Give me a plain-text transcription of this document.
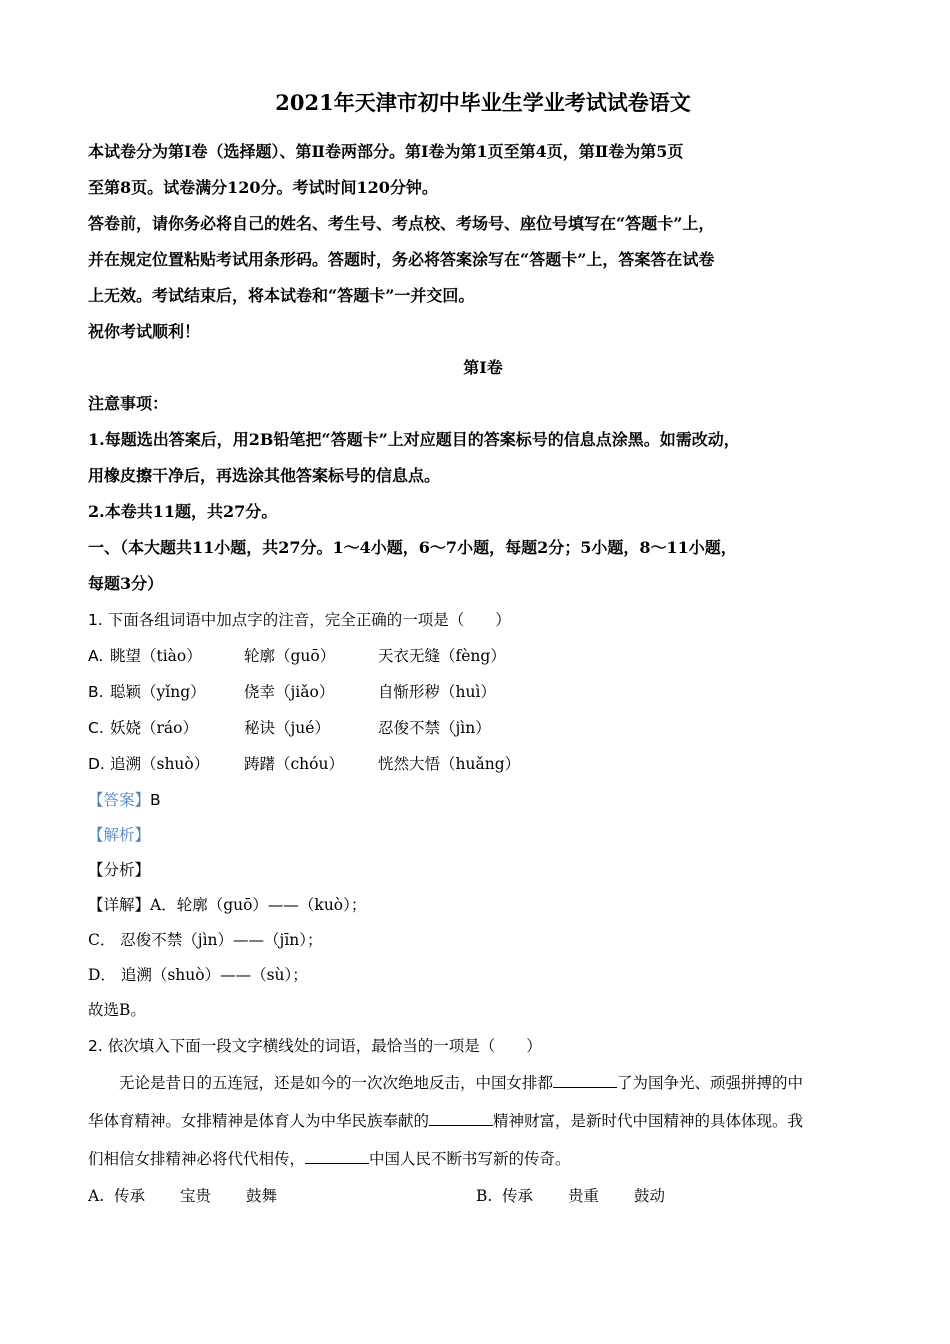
2021年天津市初中毕业生学业考试试卷语文

本试卷分为第Ⅰ卷（选择题）、第Ⅱ卷两部分。第Ⅰ卷为第1页至第4页，第Ⅱ卷为第5页

至第8页。试卷满分120分。考试时间120分钟。

答卷前，请你务必将自己的姓名、考生号、考点校、考场号、座位号填写在“答题卡”上，

并在规定位置粘贴考试用条形码。答题时，务必将答案涂写在“答题卡”上，答案答在试卷

上无效。考试结束后，将本试卷和“答题卡”一并交回。

祝你考试顺利！

第Ⅰ卷

注意事项：

1.每题选出答案后，用2B铅笔把“答题卡”上对应题目的答案标号的信息点涂黑。如需改动，

用橡皮擦干净后，再选涂其他答案标号的信息点。

2.本卷共11题，共27分。

一、（本大题共11小题，共27分。1～4小题，6～7小题，每题2分；5小题，8～11小题，

每题3分）

1. 下面各组词语中加点字的注音，完全正确的一项是（　　）

A. 眺望（tiào）	轮廓（guō）	天衣无缝（fèng）
B. 聪颖（yǐng）	侥幸（jiǎo）	自惭形秽（huì）
C. 妖娆（ráo）	秘诀（jué）	忍俊不禁（jìn）
D. 追溯（shuò）	踌躇（chóu）	恍然大悟（huǎng）

【答案】B

【解析】

【分析】

【详解】A．轮廓（guō）——（kuò）；

C． 忍俊不禁（jìn）——（jīn）；

D． 追溯（shuò）——（sù）；

故选B。

2. 依次填入下面一段文字横线处的词语，最恰当的一项是（　　）

无论是昔日的五连冠，还是如今的一次次绝地反击，中国女排都	了为国争光、顽强拼搏的中

华体育精神。女排精神是体育人为中华民族奉献的	精神财富，是新时代中国精神的具体体现。我

们相信女排精神必将代代相传，	中国人民不断书写新的传奇。

A. 传承	宝贵	鼓舞	B. 传承	贵重	鼓动
